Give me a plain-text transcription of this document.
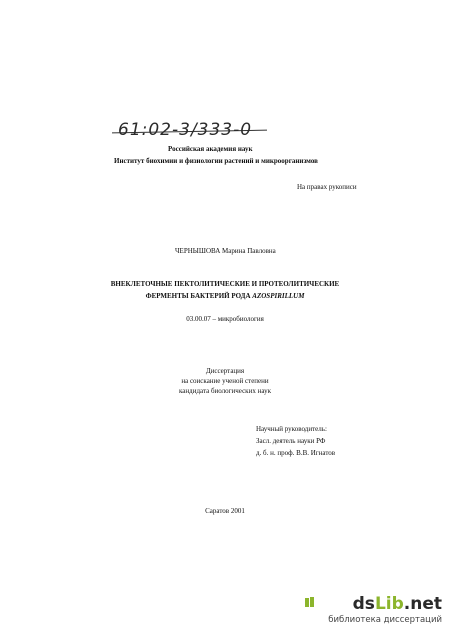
61:02-3/333-0
Российская академия наук
Институт биохимии и физиологии растений и микроорганизмов
На правах рукописи
ЧЕРНЫШОВА Марина Павловна
ВНЕКЛЕТОЧНЫЕ ПЕКТОЛИТИЧЕСКИЕ И ПРОТЕОЛИТИЧЕСКИЕ
ФЕРМЕНТЫ БАКТЕРИЙ РОДА AZOSPIRILLUM
03.00.07 – микробиология
Диссертация
на соискание ученой степени
кандидата биологических наук
Научный руководитель:
Засл. деятель науки РФ
д. б. н. проф. В.В. Игнатов
Саратов 2001
dsLib.net
библиотека диссертаций
